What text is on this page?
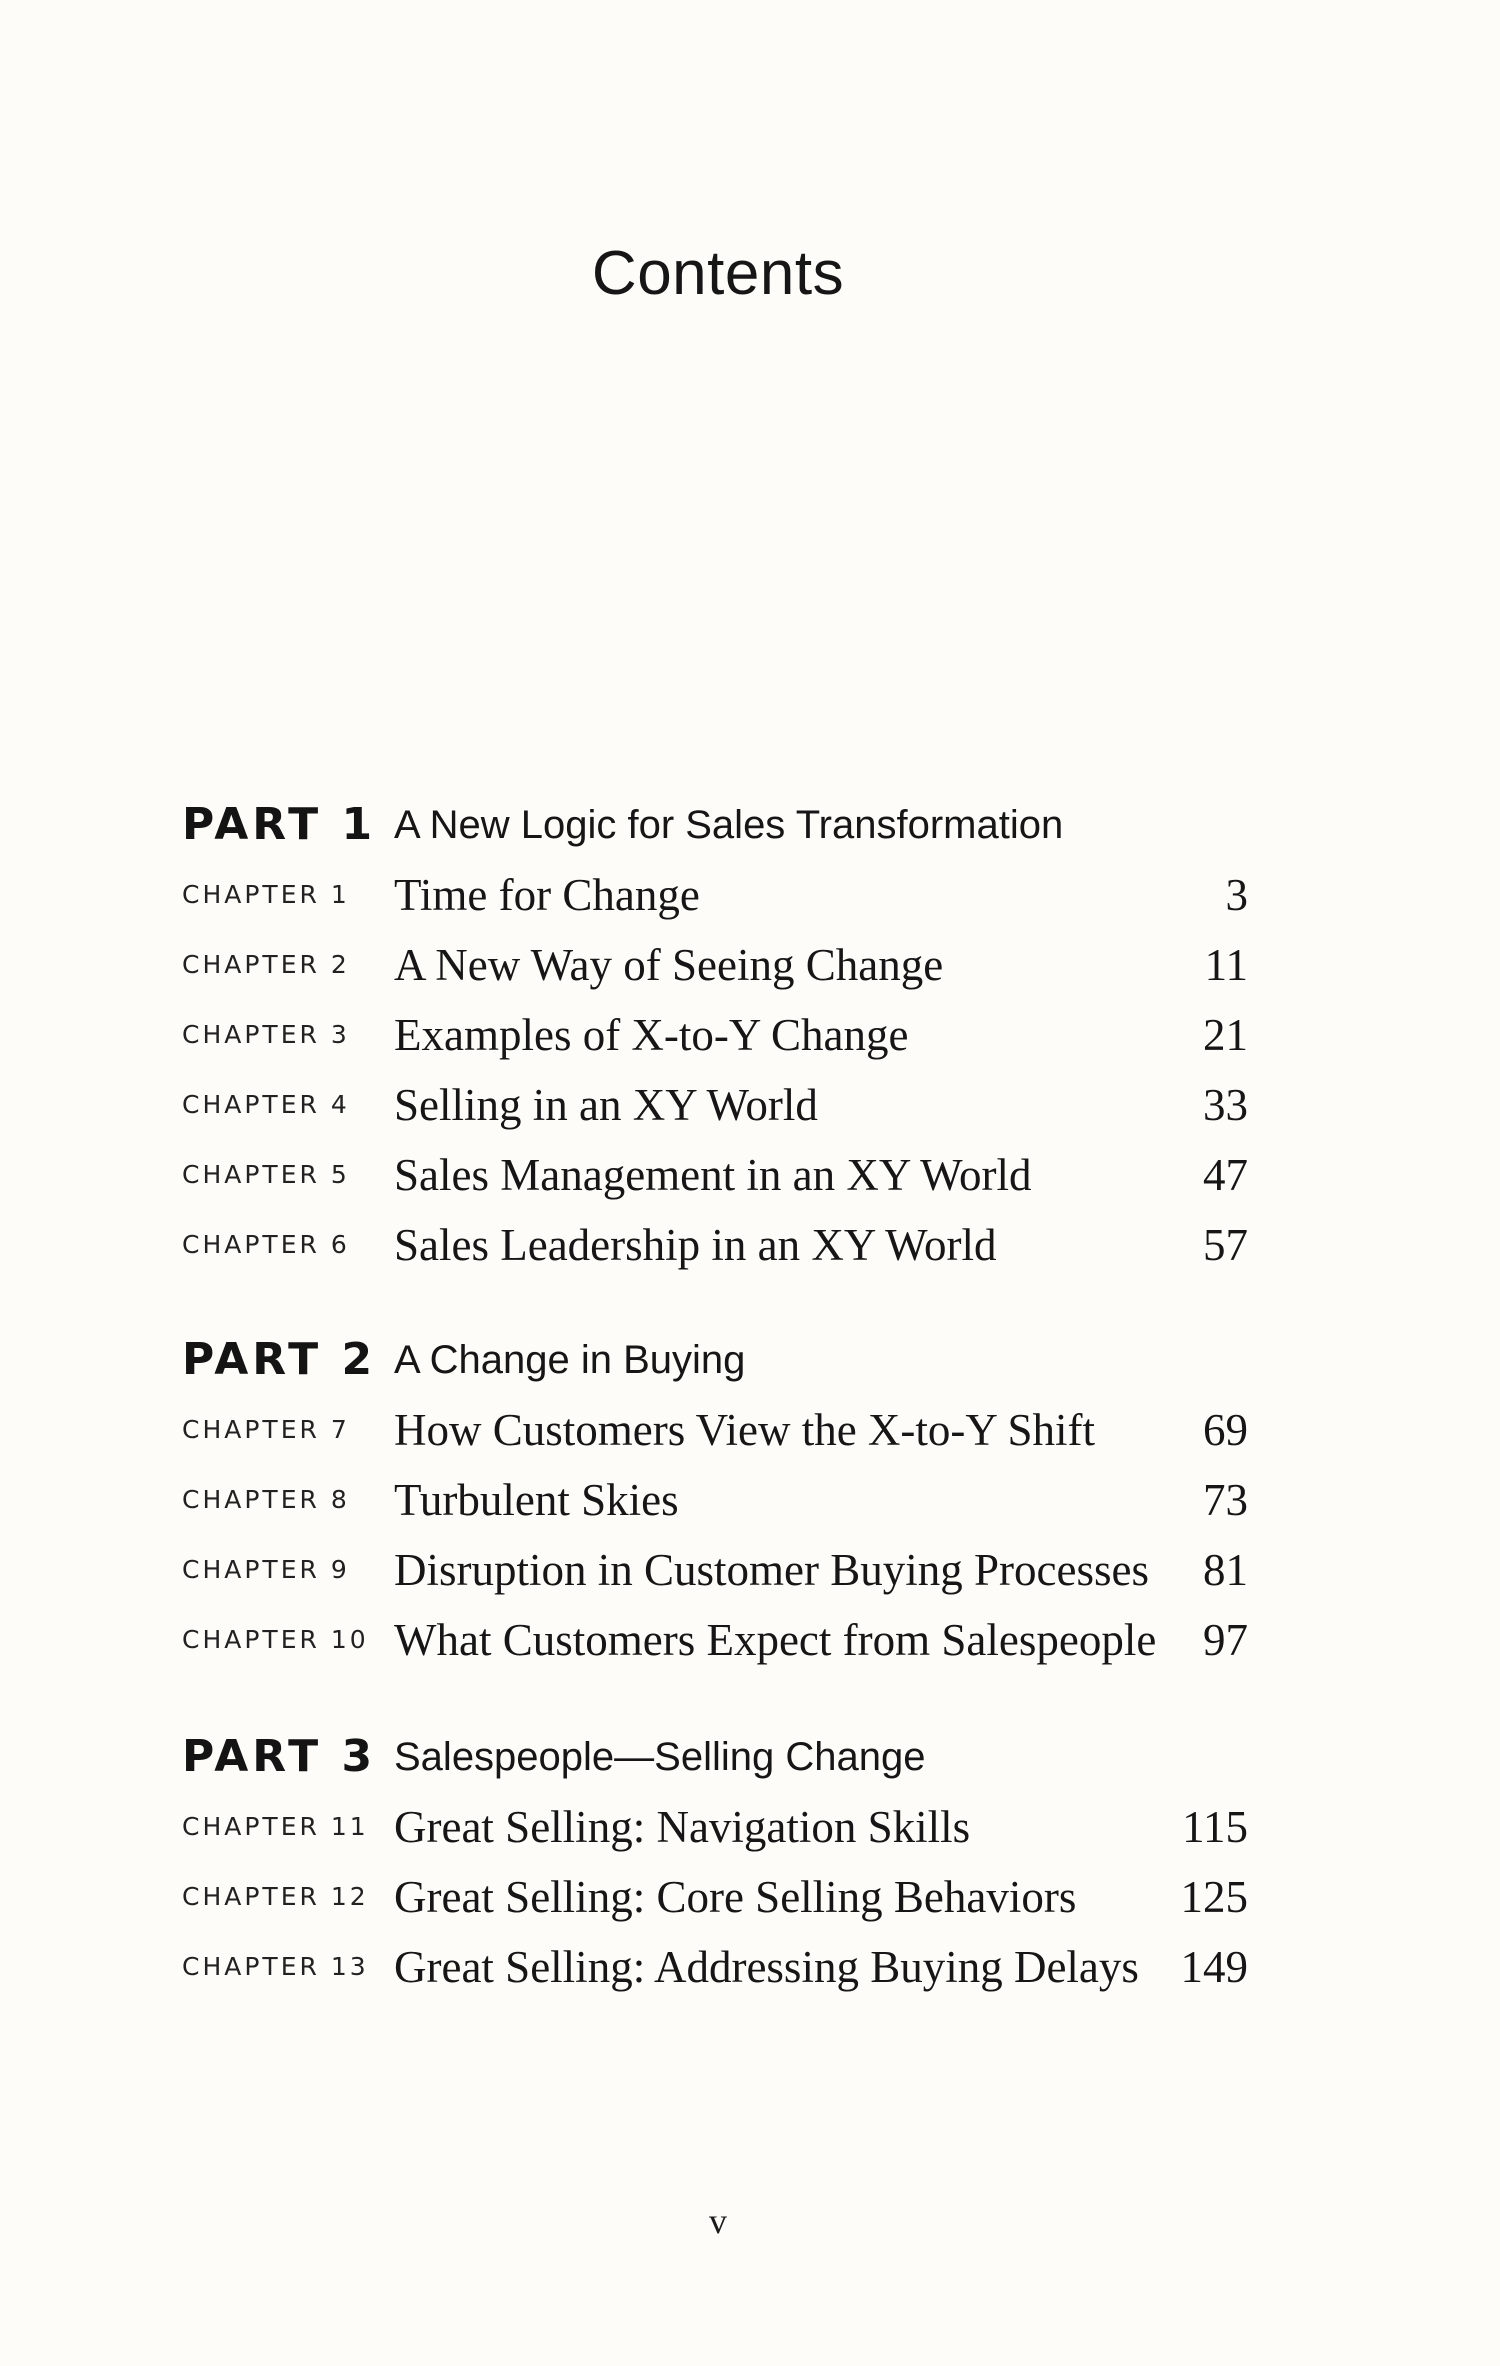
Contents
PART 1 A New Logic for Sales Transformation
CHAPTER 1 Time for Change	3
CHAPTER 2 A New Way of Seeing Change	11
CHAPTER 3 Examples of X-to-Y Change	21
CHAPTER 4 Selling in an XY World	33
CHAPTER 5 Sales Management in an XY World	47
CHAPTER 6 Sales Leadership in an XY World	57
PART 2 A Change in Buying
CHAPTER 7 How Customers View the X-to-Y Shift 69
CHAPTER 8 Turbulent Skies	73
CHAPTER 9 Disruption in Customer Buying Processes 81
CHAPTER 10 What Customers Expect from Salespeople 97
PART 3 Salespeople—Selling Change
CHAPTER 11 Great Selling: Navigation Skills	115
CHAPTER 12 Great Selling: Core Selling Behaviors 125
CHAPTER 13 Great Selling: Addressing Buying Delays 149
v
